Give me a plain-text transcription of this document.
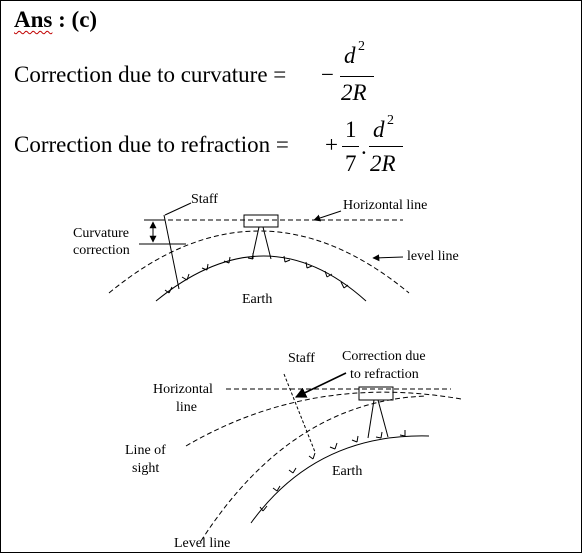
Ans : (c)
Correction due to curvature = −
d 2
2R
Correction due to refraction = +
1
7
.
d 2
2R
Staff	Horizontal line
Curvature
correction	level line
Earth
Staff Correction due
to refraction
Horizontal
line
Line of
sight	Earth
Level line
